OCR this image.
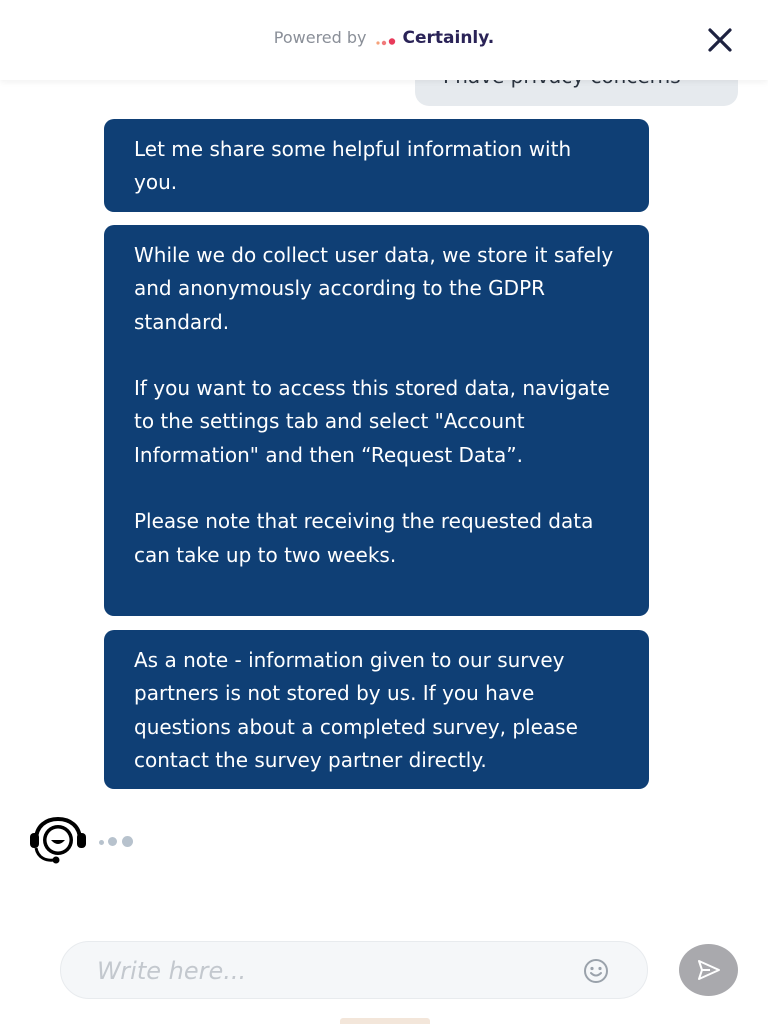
Let me share some helpful information with you.

While we do collect user data, we store it safely and anonymously according to the GDPR standard.

If you want to access this stored data, navigate to the settings tab and select "Account Information" and then “Request Data”.

Please note that receiving the requested data can take up to two weeks.

As a note - information given to our survey partners is not stored by us. If you have questions about a completed survey, please contact the survey partner directly.

Powered by Certainly.
Write here...
